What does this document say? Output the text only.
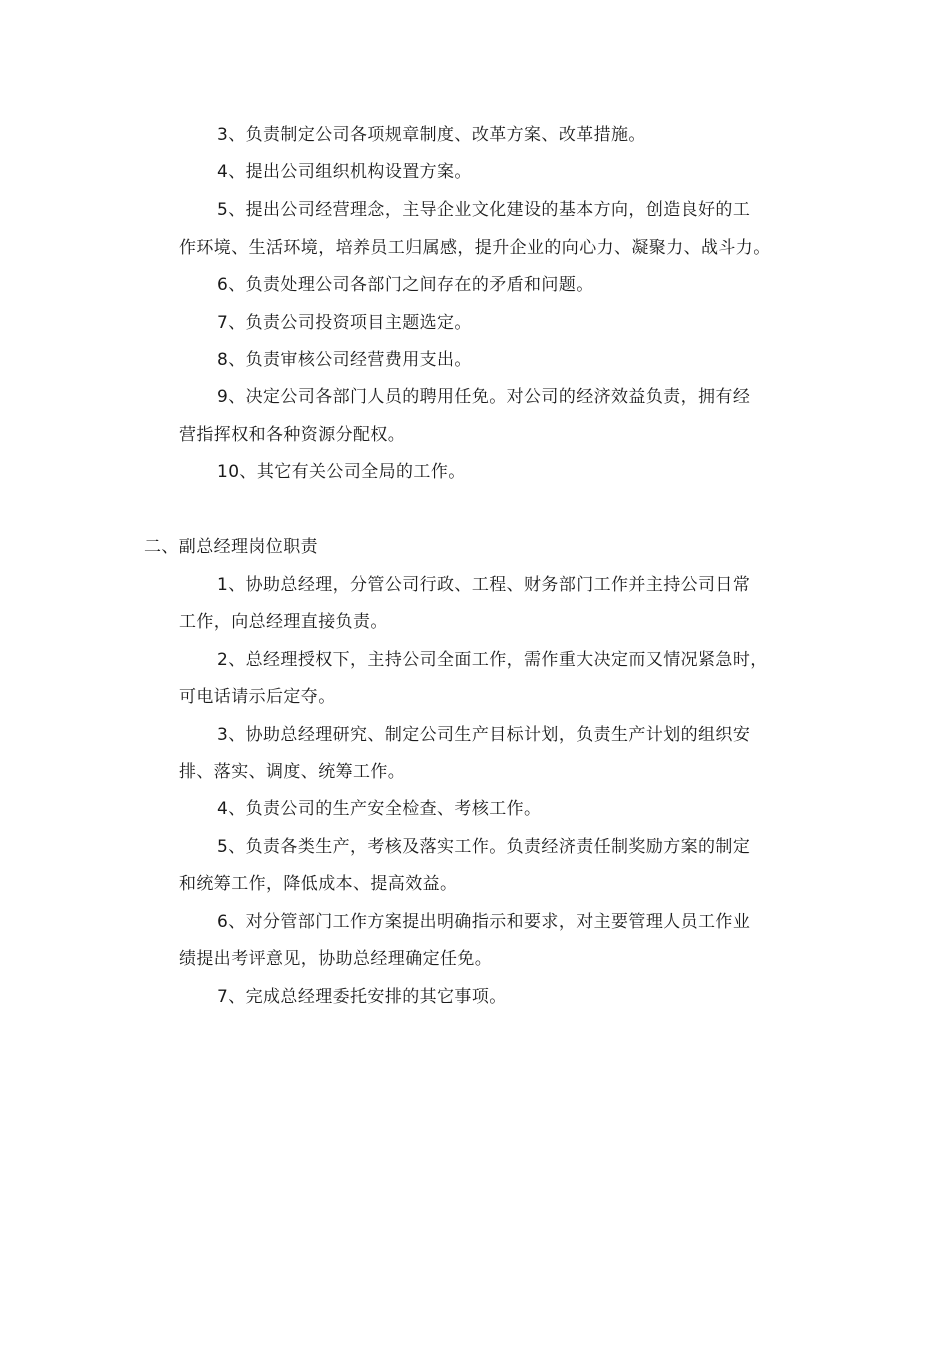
3、负责制定公司各项规章制度、改革方案、改革措施。
4、提出公司组织机构设置方案。
5、提出公司经营理念，主导企业文化建设的基本方向，创造良好的工
作环境、生活环境，培养员工归属感，提升企业的向心力、凝聚力、战斗力。
6、负责处理公司各部门之间存在的矛盾和问题。
7、负责公司投资项目主题选定。
8、负责审核公司经营费用支出。
9、决定公司各部门人员的聘用任免。对公司的经济效益负责，拥有经
营指挥权和各种资源分配权。
10、其它有关公司全局的工作。
二、副总经理岗位职责
1、协助总经理，分管公司行政、工程、财务部门工作并主持公司日常
工作，向总经理直接负责。
2、总经理授权下，主持公司全面工作，需作重大决定而又情况紧急时，
可电话请示后定夺。
3、协助总经理研究、制定公司生产目标计划，负责生产计划的组织安
排、落实、调度、统筹工作。
4、负责公司的生产安全检查、考核工作。
5、负责各类生产，考核及落实工作。负责经济责任制奖励方案的制定
和统筹工作，降低成本、提高效益。
6、对分管部门工作方案提出明确指示和要求，对主要管理人员工作业
绩提出考评意见，协助总经理确定任免。
7、完成总经理委托安排的其它事项。
